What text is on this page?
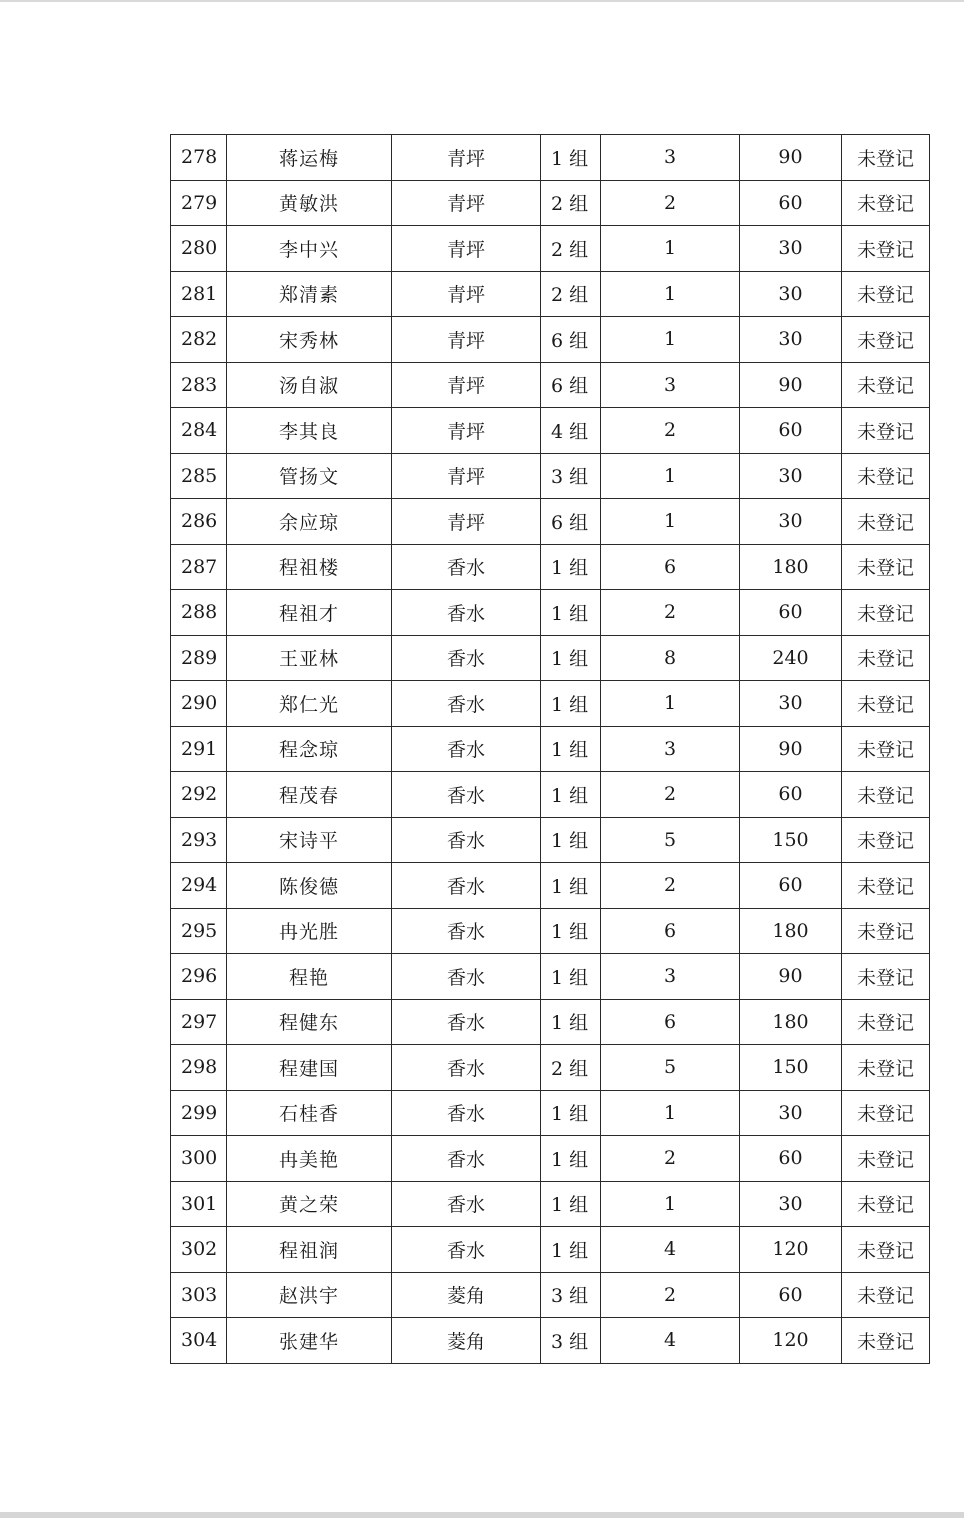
278	蒋运梅	青坪	1 组	3	90	未登记
279	黄敏洪	青坪	2 组	2	60	未登记
280	李中兴	青坪	2 组	1	30	未登记
281	郑清素	青坪	2 组	1	30	未登记
282	宋秀林	青坪	6 组	1	30	未登记
283	汤自淑	青坪	6 组	3	90	未登记
284	李其良	青坪	4 组	2	60	未登记
285	管扬文	青坪	3 组	1	30	未登记
286	余应琼	青坪	6 组	1	30	未登记
287	程祖楼	香水	1 组	6	180	未登记
288	程祖才	香水	1 组	2	60	未登记
289	王亚林	香水	1 组	8	240	未登记
290	郑仁光	香水	1 组	1	30	未登记
291	程念琼	香水	1 组	3	90	未登记
292	程茂春	香水	1 组	2	60	未登记
293	宋诗平	香水	1 组	5	150	未登记
294	陈俊德	香水	1 组	2	60	未登记
295	冉光胜	香水	1 组	6	180	未登记
296	程艳	香水	1 组	3	90	未登记
297	程健东	香水	1 组	6	180	未登记
298	程建国	香水	2 组	5	150	未登记
299	石桂香	香水	1 组	1	30	未登记
300	冉美艳	香水	1 组	2	60	未登记
301	黄之荣	香水	1 组	1	30	未登记
302	程祖润	香水	1 组	4	120	未登记
303	赵洪宇	菱角	3 组	2	60	未登记
304	张建华	菱角	3 组	4	120	未登记
